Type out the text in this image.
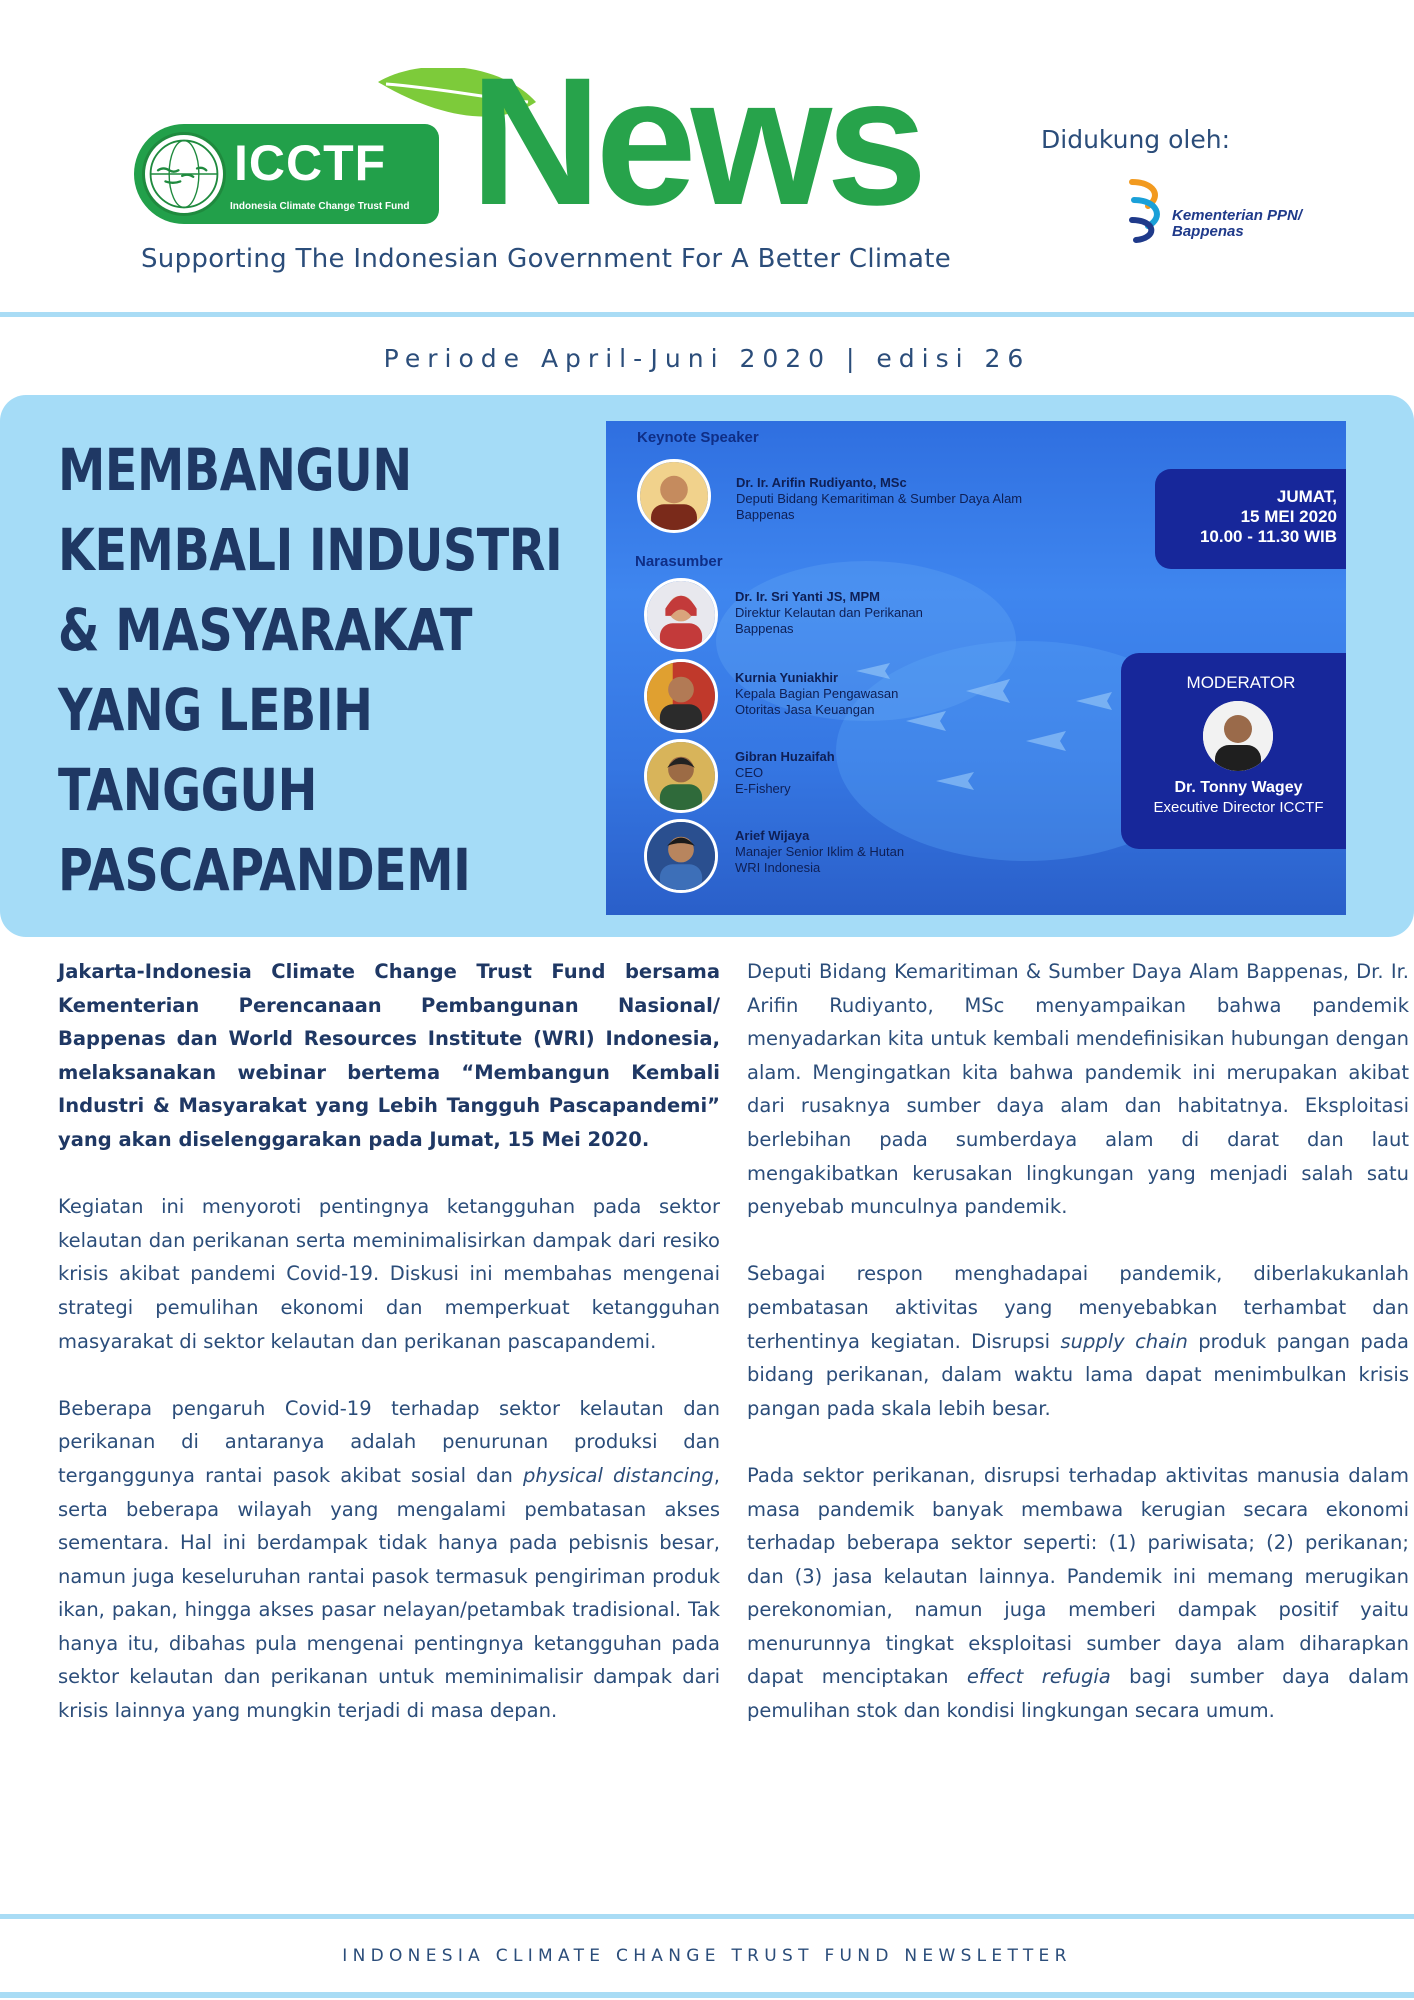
ICCTF
Indonesia Climate Change Trust Fund News
Supporting The Indonesian Government For A Better Climate
Didukung oleh:
Kementerian PPN/
Bappenas
Periode April-Juni 2020 | edisi 26
MEMBANGUN
KEMBALI INDUSTRI
& MASYARAKAT
YANG LEBIH
TANGGUH
PASCAPANDEMI
Keynote Speaker
Dr. Ir. Arifin Rudiyanto, MSc
Deputi Bidang Kemaritiman & Sumber Daya Alam
Bappenas
Narasumber
Dr. Ir. Sri Yanti JS, MPM
Direktur Kelautan dan Perikanan
Bappenas
Kurnia Yuniakhir
Kepala Bagian Pengawasan
Otoritas Jasa Keuangan
Gibran Huzaifah
CEO
E-Fishery
Arief Wijaya
Manajer Senior Iklim & Hutan
WRI Indonesia
JUMAT,
15 MEI 2020
10.00 - 11.30 WIB
MODERATOR
Dr. Tonny Wagey
Executive Director ICCTF

Jakarta-Indonesia Climate Change Trust Fund bersama Kementerian Perencanaan Pembangunan Nasional/ Bappenas dan World Resources Institute (WRI) Indonesia, melaksanakan webinar bertema “Membangun Kembali Industri & Masyarakat yang Lebih Tangguh Pascapandemi” yang akan diselenggarakan pada Jumat, 15 Mei 2020.

Kegiatan ini menyoroti pentingnya ketangguhan pada sektor kelautan dan perikanan serta meminimalisirkan dampak dari resiko krisis akibat pandemi Covid-19. Diskusi ini membahas mengenai strategi pemulihan ekonomi dan memperkuat ketangguhan masyarakat di sektor kelautan dan perikanan pascapandemi.

Beberapa pengaruh Covid-19 terhadap sektor kelautan dan perikanan di antaranya adalah penurunan produksi dan terganggunya rantai pasok akibat sosial dan physical distancing, serta beberapa wilayah yang mengalami pembatasan akses sementara. Hal ini berdampak tidak hanya pada pebisnis besar, namun juga keseluruhan rantai pasok termasuk pengiriman produk ikan, pakan, hingga akses pasar nelayan/petambak tradisional. Tak hanya itu, dibahas pula mengenai pentingnya ketangguhan pada sektor kelautan dan perikanan untuk meminimalisir dampak dari krisis lainnya yang mungkin terjadi di masa depan.

Deputi Bidang Kemaritiman & Sumber Daya Alam Bappenas, Dr. Ir. Arifin Rudiyanto, MSc menyampaikan bahwa pandemik menyadarkan kita untuk kembali mendefinisikan hubungan dengan alam. Mengingatkan kita bahwa pandemik ini merupakan akibat dari rusaknya sumber daya alam dan habitatnya. Eksploitasi berlebihan pada sumberdaya alam di darat dan laut mengakibatkan kerusakan lingkungan yang menjadi salah satu penyebab munculnya pandemik.

Sebagai respon menghadapai pandemik, diberlakukanlah pembatasan aktivitas yang menyebabkan terhambat dan terhentinya kegiatan. Disrupsi supply chain produk pangan pada bidang perikanan, dalam waktu lama dapat menimbulkan krisis pangan pada skala lebih besar.

Pada sektor perikanan, disrupsi terhadap aktivitas manusia dalam masa pandemik banyak membawa kerugian secara ekonomi terhadap beberapa sektor seperti: (1) pariwisata; (2) perikanan; dan (3) jasa kelautan lainnya. Pandemik ini memang merugikan perekonomian, namun juga memberi dampak positif yaitu menurunnya tingkat eksploitasi sumber daya alam diharapkan dapat menciptakan effect refugia bagi sumber daya dalam pemulihan stok dan kondisi lingkungan secara umum.

INDONESIA CLIMATE CHANGE TRUST FUND NEWSLETTER
